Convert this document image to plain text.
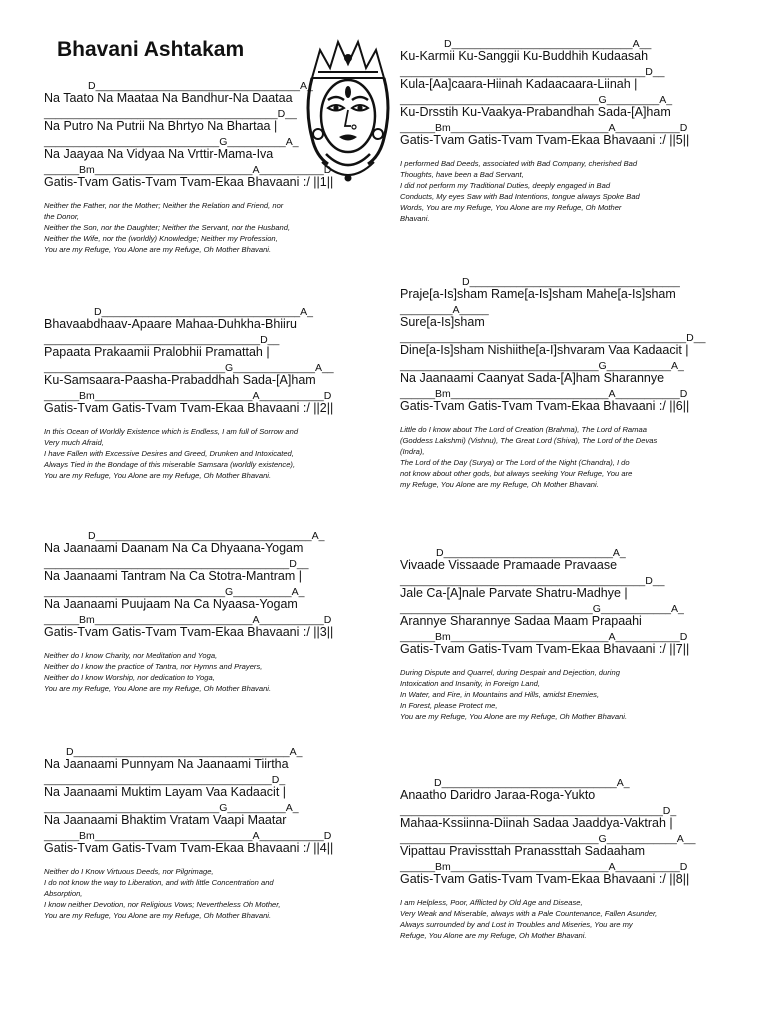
Bhavani Ashtakam
D___________________________________A_
Na Taato Na Maataa Na Bandhur-Na Daataa
________________________________________D__
Na Putro Na Putrii Na Bhrtyo Na Bhartaa |
______________________________G__________A_
Na Jaayaa Na Vidyaa Na Vrttir-Mama-Iva
______Bm___________________________A___________D
Gatis-Tvam Gatis-Tvam Tvam-Ekaa Bhavaani :/ ||1||
Neither the Father, nor the Mother; Neither the Relation and Friend, nor
the Donor,
Neither the Son, nor the Daughter; Neither the Servant, nor the Husband,
Neither the Wife, nor the (worldly) Knowledge; Neither my Profession,
You are my Refuge, You Alone are my Refuge, Oh Mother Bhavani.
D__________________________________A_
Bhavaabdhaav-Apaare Mahaa-Duhkha-Bhiiru
_____________________________________D__
Papaata Prakaamii Pralobhii Pramattah |
_______________________________G______________A__
Ku-Samsaara-Paasha-Prabaddhah Sada-[A]ham
______Bm___________________________A___________D
Gatis-Tvam Gatis-Tvam Tvam-Ekaa Bhavaani :/ ||2||
In this Ocean of Worldly Existence which is Endless, I am full of Sorrow and
Very much Afraid,
I have Fallen with Excessive Desires and Greed, Drunken and Intoxicated,
Always Tied in the Bondage of this miserable Samsara (worldly existence),
You are my Refuge, You Alone are my Refuge, Oh Mother Bhavani.
D_____________________________________A_
Na Jaanaami Daanam Na Ca Dhyaana-Yogam
__________________________________________D__
Na Jaanaami Tantram Na Ca Stotra-Mantram |
_______________________________G__________A_
Na Jaanaami Puujaam Na Ca Nyaasa-Yogam
______Bm___________________________A___________D
Gatis-Tvam Gatis-Tvam Tvam-Ekaa Bhavaani :/ ||3||
Neither do I know Charity, nor Meditation and Yoga,
Neither do I know the practice of Tantra, nor Hymns and Prayers,
Neither do I know Worship, nor dedication to Yoga,
You are my Refuge, You Alone are my Refuge, Oh Mother Bhavani.
D_____________________________________A_
Na Jaanaami Punnyam Na Jaanaami Tiirtha
_______________________________________D_
Na Jaanaami Muktim Layam Vaa Kadaacit |
______________________________G__________A_
Na Jaanaami Bhaktim Vratam Vaapi Maatar
______Bm___________________________A___________D
Gatis-Tvam Gatis-Tvam Tvam-Ekaa Bhavaani :/ ||4||
Neither do I Know Virtuous Deeds, nor Pilgrimage,
I do not know the way to Liberation, and with little Concentration and
Absorption,
I know neither Devotion, nor Religious Vows; Nevertheless Oh Mother,
You are my Refuge, You Alone are my Refuge, Oh Mother Bhavani.
D_______________________________A__
Ku-Karmii Ku-Sanggii Ku-Buddhih Kudaasah
__________________________________________D__
Kula-[Aa]caara-Hiinah Kadaacaara-Liinah |
__________________________________G_________A_
Ku-Drsstih Ku-Vaakya-Prabandhah Sada-[A]ham
______Bm___________________________A___________D
Gatis-Tvam Gatis-Tvam Tvam-Ekaa Bhavaani :/ ||5||
I performed Bad Deeds, associated with Bad Company, cherished Bad
Thoughts, have been a Bad Servant,
I did not perform my Traditional Duties, deeply engaged in Bad
Conducts, My eyes Saw with Bad Intentions, tongue always Spoke Bad
Words, You are my Refuge, You Alone are my Refuge, Oh Mother
Bhavani.
D____________________________________
Praje[a-Is]sham Rame[a-Is]sham Mahe[a-Is]sham
_________A_____
Sure[a-Is]sham
_________________________________________________D__
Dine[a-Is]sham Nishiithe[a-I]shvaram Vaa Kadaacit |
__________________________________G___________A_
Na Jaanaami Caanyat Sada-[A]ham Sharannye
______Bm___________________________A___________D
Gatis-Tvam Gatis-Tvam Tvam-Ekaa Bhavaani :/ ||6||
Little do I know about The Lord of Creation (Brahma), The Lord of Ramaa
(Goddess Lakshmi) (Vishnu), The Great Lord (Shiva), The Lord of the Devas
(Indra),
The Lord of the Day (Surya) or The Lord of the Night (Chandra), I do
not know about other gods, but always seeking Your Refuge, You are
my Refuge, You Alone are my Refuge, Oh Mother Bhavani.
D_____________________________A_
Vivaade Vissaade Pramaade Pravaase
__________________________________________D__
Jale Ca-[A]nale Parvate Shatru-Madhye |
_________________________________G____________A_
Arannye Sharannye Sadaa Maam Prapaahi
______Bm___________________________A___________D
Gatis-Tvam Gatis-Tvam Tvam-Ekaa Bhavaani :/ ||7||
During Dispute and Quarrel, during Despair and Dejection, during
Intoxication and Insanity, in Foreign Land,
In Water, and Fire, in Mountains and Hills, amidst Enemies,
In Forest, please Protect me,
You are my Refuge, You Alone are my Refuge, Oh Mother Bhavani.
D______________________________A_
Anaatho Daridro Jaraa-Roga-Yukto
_____________________________________________D_
Mahaa-Kssiinna-Diinah Sadaa Jaaddya-Vaktrah |
__________________________________G____________A__
Vipattau Pravissttah Pranassttah Sadaaham
______Bm___________________________A___________D
Gatis-Tvam Gatis-Tvam Tvam-Ekaa Bhavaani :/ ||8||
I am Helpless, Poor, Afflicted by Old Age and Disease,
Very Weak and Miserable, always with a Pale Countenance, Fallen Asunder,
Always surrounded by and Lost in Troubles and Miseries, You are my
Refuge, You Alone are my Refuge, Oh Mother Bhavani.
